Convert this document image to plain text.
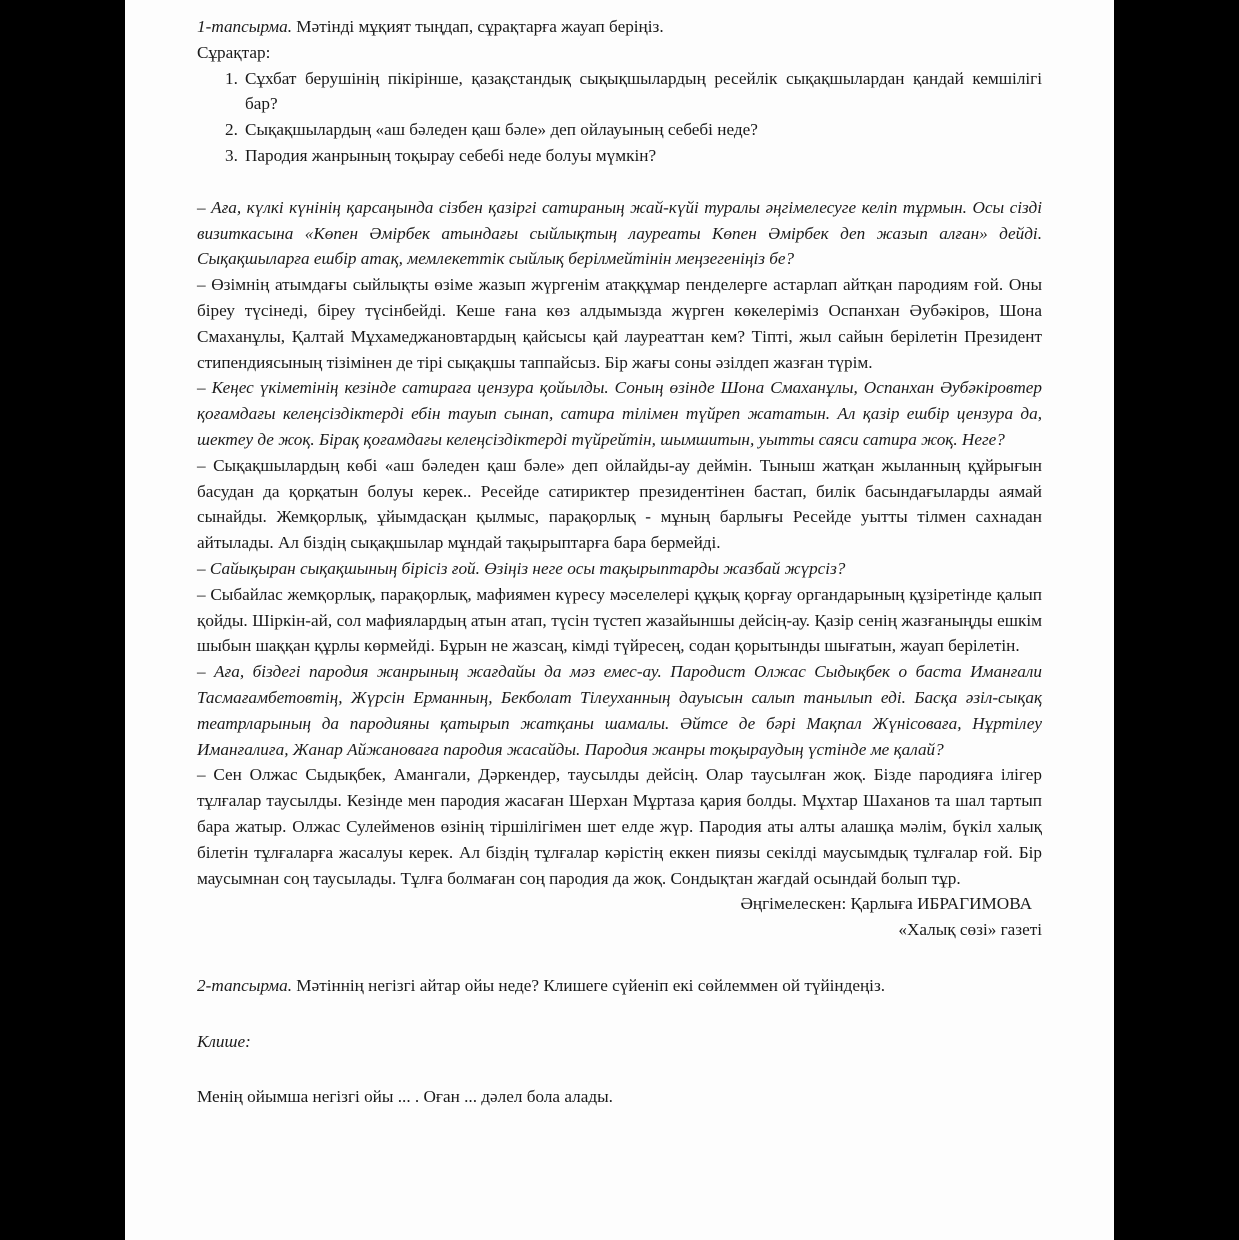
1-тапсырма. Мәтінді мұқият тыңдап, сұрақтарға жауап беріңіз.

Сұрақтар:

1. Сұхбат берушінің пікірінше, қазақстандық сықықшылардың ресейлік сықақшылардан қандай кемшілігі бар?
2. Сықақшылардың «аш бәледен қаш бәле» деп ойлауының себебі неде?
3. Пародия жанрының тоқырау себебі неде болуы мүмкін?

– Аға, күлкі күнінің қарсаңында сізбен қазіргі сатираның жай-күйі туралы әңгімелесуге келіп тұрмын. Осы сізді визиткасына «Көпен Әмірбек атындағы сыйлықтың лауреаты Көпен Әмірбек деп жазып алған» дейді. Сықақшыларға ешбір атақ, мемлекеттік сыйлық берілмейтінін меңзегеніңіз бе?

– Өзімнің атымдағы сыйлықты өзіме жазып жүргенім атаққұмар пенделерге астарлап айтқан пародиям ғой. Оны біреу түсінеді, біреу түсінбейді. Кеше ғана көз алдымызда жүрген көкелеріміз Оспанхан Әубәкіров, Шона Смаханұлы, Қалтай Мұхамеджановтардың қайсысы қай лауреаттан кем? Тіпті, жыл сайын берілетін Президент стипендиясының тізімінен де тірі сықақшы таппайсыз. Бір жағы соны әзілдеп жазған түрім.

– Кеңес үкіметінің кезінде сатираға цензура қойылды. Соның өзінде Шона Смаханұлы, Оспанхан Әубәкіровтер қоғамдағы келеңсіздіктерді ебін тауып сынап, сатира тілімен түйреп жататын. Ал қазір ешбір цензура да, шектеу де жоқ. Бірақ қоғамдағы келеңсіздіктерді түйрейтін, шымшитын, уытты саяси сатира жоқ. Неге?

– Сықақшылардың көбі «аш бәледен қаш бәле» деп ойлайды-ау деймін. Тыныш жатқан жыланның құйрығын басудан да қорқатын болуы керек.. Ресейде сатириктер президентінен бастап, билік басындағыларды аямай сынайды. Жемқорлық, ұйымдасқан қылмыс, парақорлық - мұның барлығы Ресейде уытты тілмен сахнадан айтылады. Ал біздің сықақшылар мұндай тақырыптарға бара бермейді.

– Сайықыран сықақшының бірісіз ғой. Өзіңіз неге осы тақырыптарды жазбай жүрсіз?

– Сыбайлас жемқорлық, парақорлық, мафиямен күресу мәселелері құқық қорғау органдарының құзіретінде қалып қойды. Шіркін-ай, сол мафиялардың атын атап, түсін түстеп жазайыншы дейсің-ау. Қазір сенің жазғаныңды ешкім шыбын шаққан құрлы көрмейді. Бұрын не жазсаң, кімді түйресең, содан қорытынды шығатын, жауап берілетін.

– Аға, біздегі пародия жанрының жағдайы да мәз емес-ау. Пародист Олжас Сыдықбек о баста Иманғали Тасмағамбетовтің, Жүрсін Ерманның, Бекболат Тілеуханның дауысын салып танылып еді. Басқа әзіл-сықақ театрларының да пародияны қатырып жатқаны шамалы. Әйтсе де бәрі Мақпал Жүнісоваға, Нұртілеу Иманғалиға, Жанар Айжановаға пародия жасайды. Пародия жанры тоқыраудың үстінде ме қалай?

– Сен Олжас Сыдықбек, Амангали, Дәркендер, таусылды дейсің. Олар таусылған жоқ. Бізде пародияға ілігер тұлғалар таусылды. Кезінде мен пародия жасаған Шерхан Мұртаза қария болды. Мұхтар Шаханов та шал тартып бара жатыр. Олжас Сулейменов өзінің тіршілігімен шет елде жүр. Пародия аты алты алашқа мәлім, бүкіл халық білетін тұлғаларға жасалуы керек. Ал біздің тұлғалар кәрістің еккен пиязы секілді маусымдық тұлғалар ғой. Бір маусымнан соң таусылады. Тұлға болмаған соң пародия да жоқ. Сондықтан жағдай осындай болып тұр.

Әңгімелескен: Қарлыға ИБРАГИМОВА

«Халық сөзі» газеті

2-тапсырма. Мәтіннің негізгі айтар ойы неде? Клишеге сүйеніп екі сөйлеммен ой түйіндеңіз.

Клише:

Менің ойымша негізгі ойы ... . Оған ... дәлел бола алады.
